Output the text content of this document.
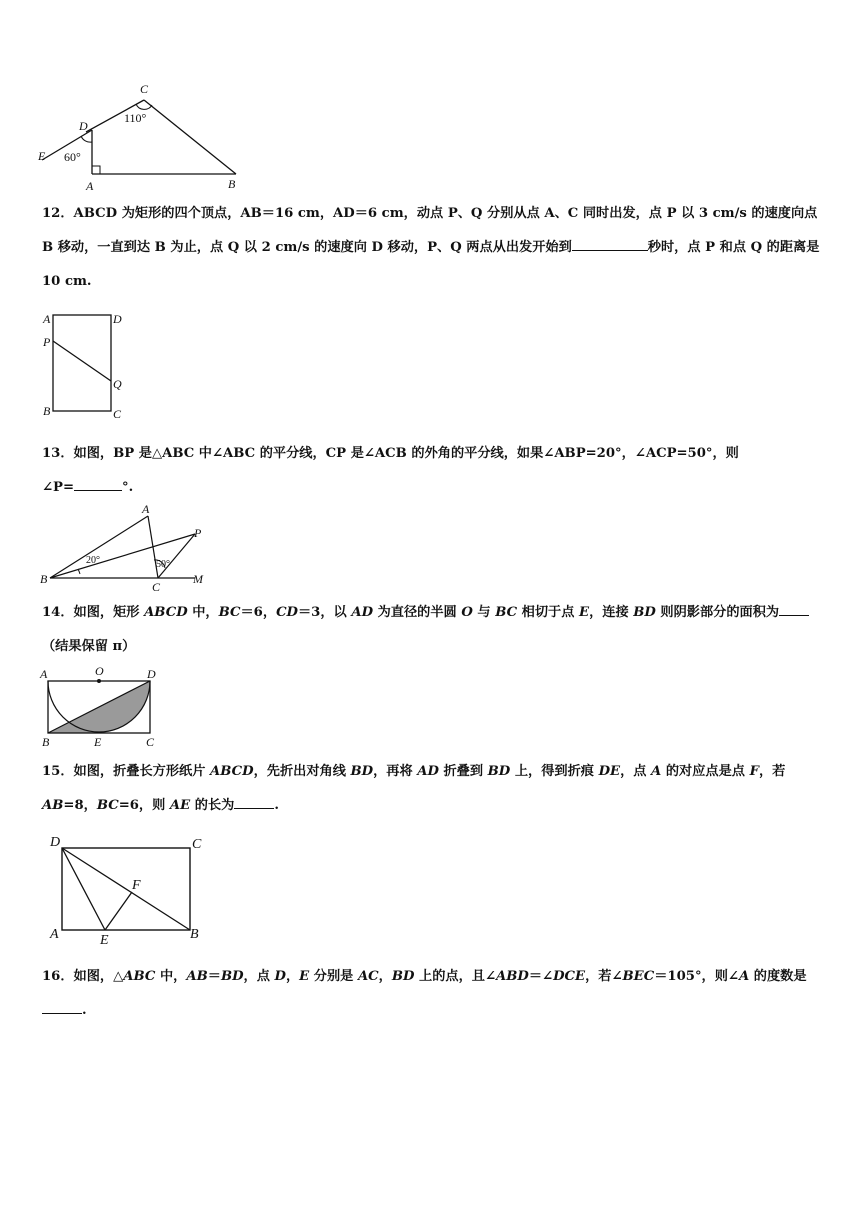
C
D
E
A	B
110°
60°
12．ABCD 为矩形的四个顶点，AB＝16 cm，AD＝6 cm，动点 P、Q 分别从点 A、C 同时出发，点 P 以 3 cm/s 的速度向点 B 移动，一直到达 B 为止，点 Q 以 2 cm/s 的速度向 D 移动，P、Q 两点从出发开始到	秒时，点 P 和点 Q 的距离是 10 cm.
A	D
P
Q
B	C
13．如图，BP 是△ABC 中∠ABC 的平分线，CP 是∠ACB 的外角的平分线，如果∠ABP=20°，∠ACP=50°，则
∠P=	°.
A
P
B
C
M
20°	50°
14．如图，矩形 ABCD 中，BC＝6，CD＝3，以 AD 为直径的半圆 O 与 BC 相切于点 E，连接 BD 则阴影部分的面积为（结果保留 π）
A	O	D
B	E	C
15．如图，折叠长方形纸片 ABCD，先折出对角线 BD，再将 AD 折叠到 BD 上，得到折痕 DE，点 A 的对应点是点 F，若 AB=8，BC=6，则 AE 的长为	.
D	C
F
A	E	B
16．如图，△ABC 中，AB＝BD，点 D，E 分别是 AC，BD 上的点，且∠ABD＝∠DCE，若∠BEC＝105°，则∠A 的度数是.
